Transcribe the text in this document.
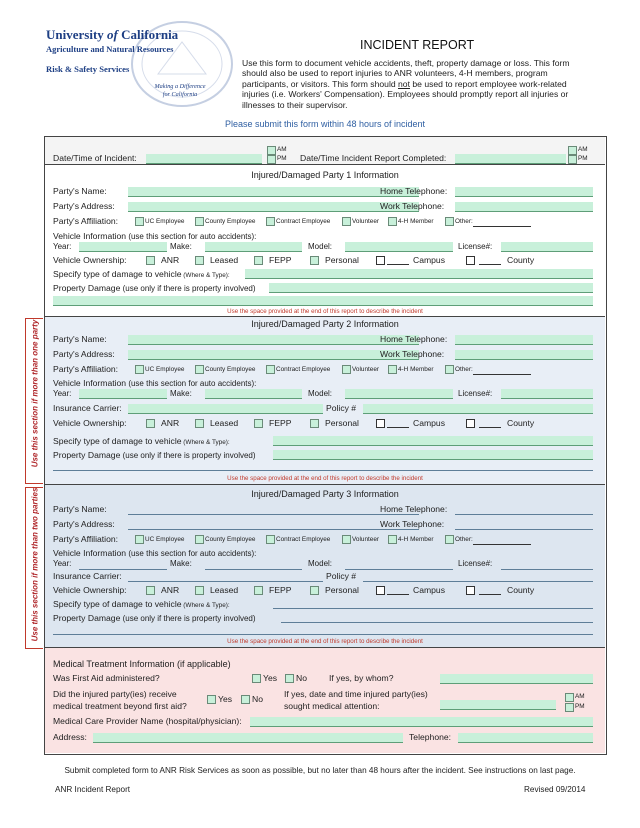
University of California
Agriculture and Natural Resources
Risk & Safety Services
Making a Difference
for California
INCIDENT REPORT
Use this form to document vehicle accidents, theft, property damage or loss. This form
should also be used to report injuries to ANR volunteers, 4-H members, program
participants, or visitors. This form should not be used to report employee work-related
injuries (i.e. Workers' Compensation). Employees should promptly report all injuries or
illnesses to their supervisor.
Please submit this form within 48 hours of incident
Date/Time of Incident:
AM
PM Date/Time Incident Report Completed:
AM
PM
Injured/Damaged Party 1 Information
Party's Name:	Home Telephone:
Party's Address:	Work Telephone:
Party's Affiliation:	UC Employee	County Employee	Contract Employee	Volunteer	4-H Member	Other:
Vehicle Information (use this section for auto accidents):
Year:	Make:	Model:	License#:
Vehicle Ownership:	ANR	Leased	FEPP	Personal	Campus	County
Specify type of damage to vehicle (Where & Type):
Property Damage (use only if there is property involved)
Use the space provided at the end of this report to describe the incident
Injured/Damaged Party 2 Information
Party's Name:	Home Telephone:
Party's Address:	Work Telephone:
Party's Affiliation:	UC Employee	County Employee	Contract Employee	Volunteer	4-H Member	Other:
Vehicle Information (use this section for auto accidents):
Year:	Make:	Model:	License#:
Insurance Carrier:	Policy #
Vehicle Ownership:	ANR	Leased	FEPP	Personal	Campus	County
Specify type of damage to vehicle (Where & Type):
Property Damage (use only if there is property involved)
Use the space provided at the end of this report to describe the incident
Injured/Damaged Party 3 Information
Party's Name:	Home Telephone:
Party's Address:	Work Telephone:
Party's Affiliation:	UC Employee	County Employee	Contract Employee	Volunteer	4-H Member	Other:
Vehicle Information (use this section for auto accidents):
Year:	Make:	Model:	License#:
Insurance Carrier:	Policy #
Vehicle Ownership:	ANR	Leased	FEPP	Personal	Campus	County
Specify type of damage to vehicle (Where & Type):
Property Damage (use only if there is property involved)
Use the space provided at the end of this report to describe the incident
Use this section if more than one party
Use this section if more than two parties
Medical Treatment Information (if applicable)
Was First Aid administered?	Yes No	If yes, by whom?
Did the injured party(ies) receive
medical treatment beyond first aid?
Yes No If yes, date and time injured party(ies)
sought medical attention:
AM
PM
Medical Care Provider Name (hospital/physician):
Address:	Telephone:
Submit completed form to ANR Risk Services as soon as possible, but no later than 48 hours after the incident. See instructions on last page.
ANR Incident Report	Revised 09/2014
